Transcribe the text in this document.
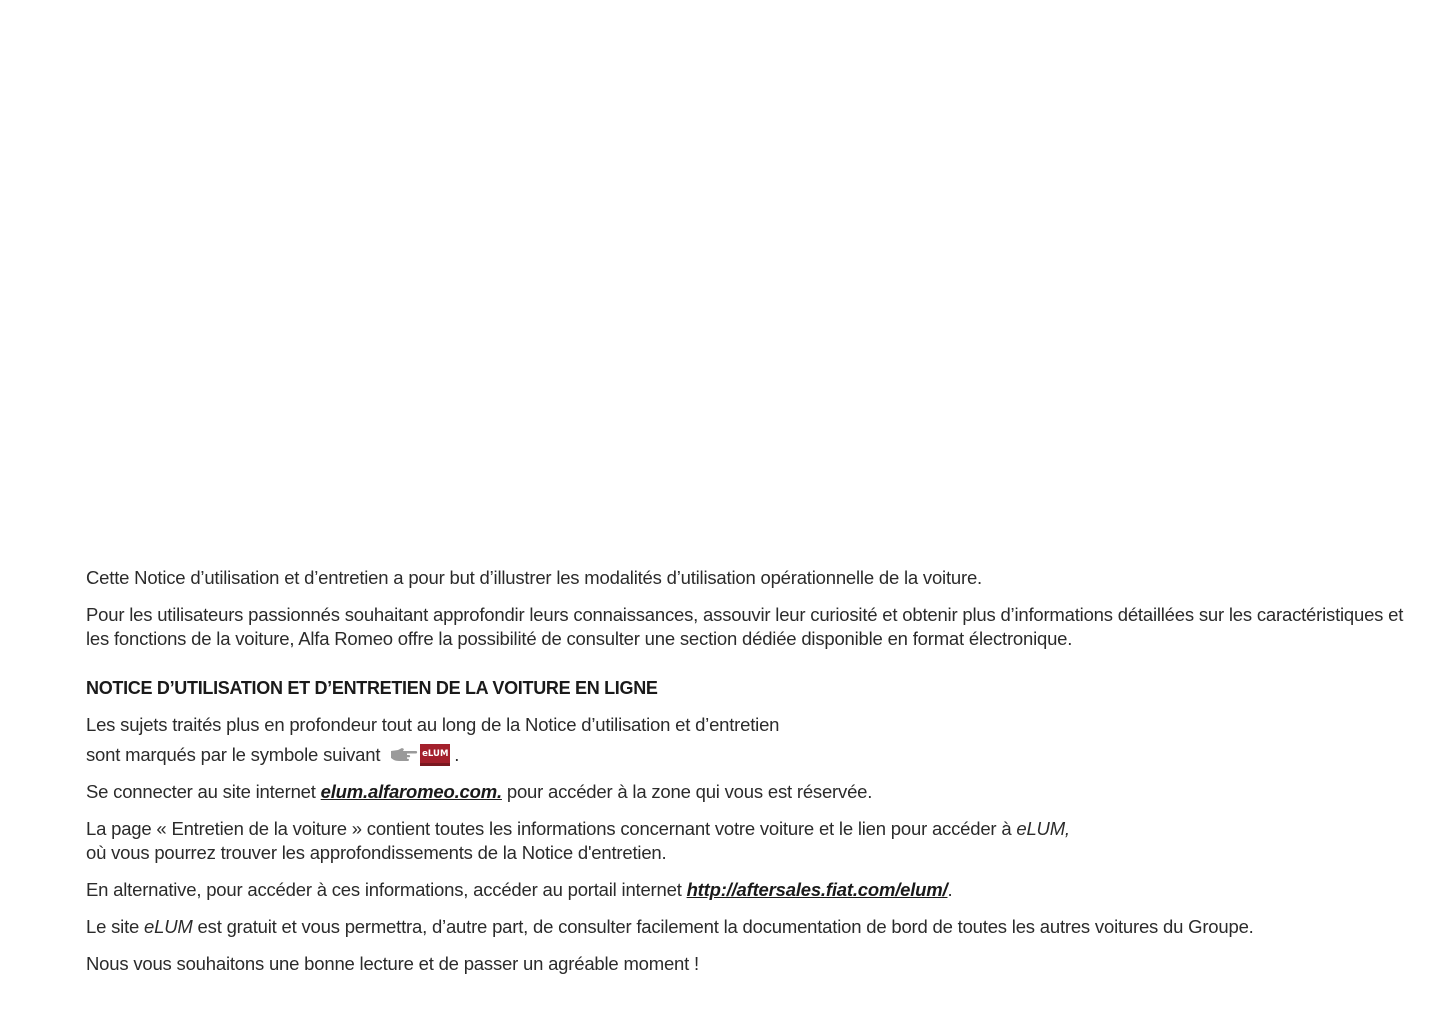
Cette Notice d’utilisation et d’entretien a pour but d’illustrer les modalités d’utilisation opérationnelle de la voiture.

Pour les utilisateurs passionnés souhaitant approfondir leurs connaissances, assouvir leur curiosité et obtenir plus d’informations détaillées sur les caractéristiques et les fonctions de la voiture, Alfa Romeo offre la possibilité de consulter une section dédiée disponible en format électronique.

NOTICE D’UTILISATION ET D’ENTRETIEN DE LA VOITURE EN LIGNE
Les sujets traités plus en profondeur tout au long de la Notice d’utilisation et d’entretien
sont marqués par le symbole suivant	eLUM .

Se connecter au site internet elum.alfaromeo.com. pour accéder à la zone qui vous est réservée.

La page « Entretien de la voiture » contient toutes les informations concernant votre voiture et le lien pour accéder à eLUM,
où vous pourrez trouver les approfondissements de la Notice d'entretien.

En alternative, pour accéder à ces informations, accéder au portail internet http://aftersales.fiat.com/elum/.

Le site eLUM est gratuit et vous permettra, d’autre part, de consulter facilement la documentation de bord de toutes les autres voitures du Groupe.

Nous vous souhaitons une bonne lecture et de passer un agréable moment !
